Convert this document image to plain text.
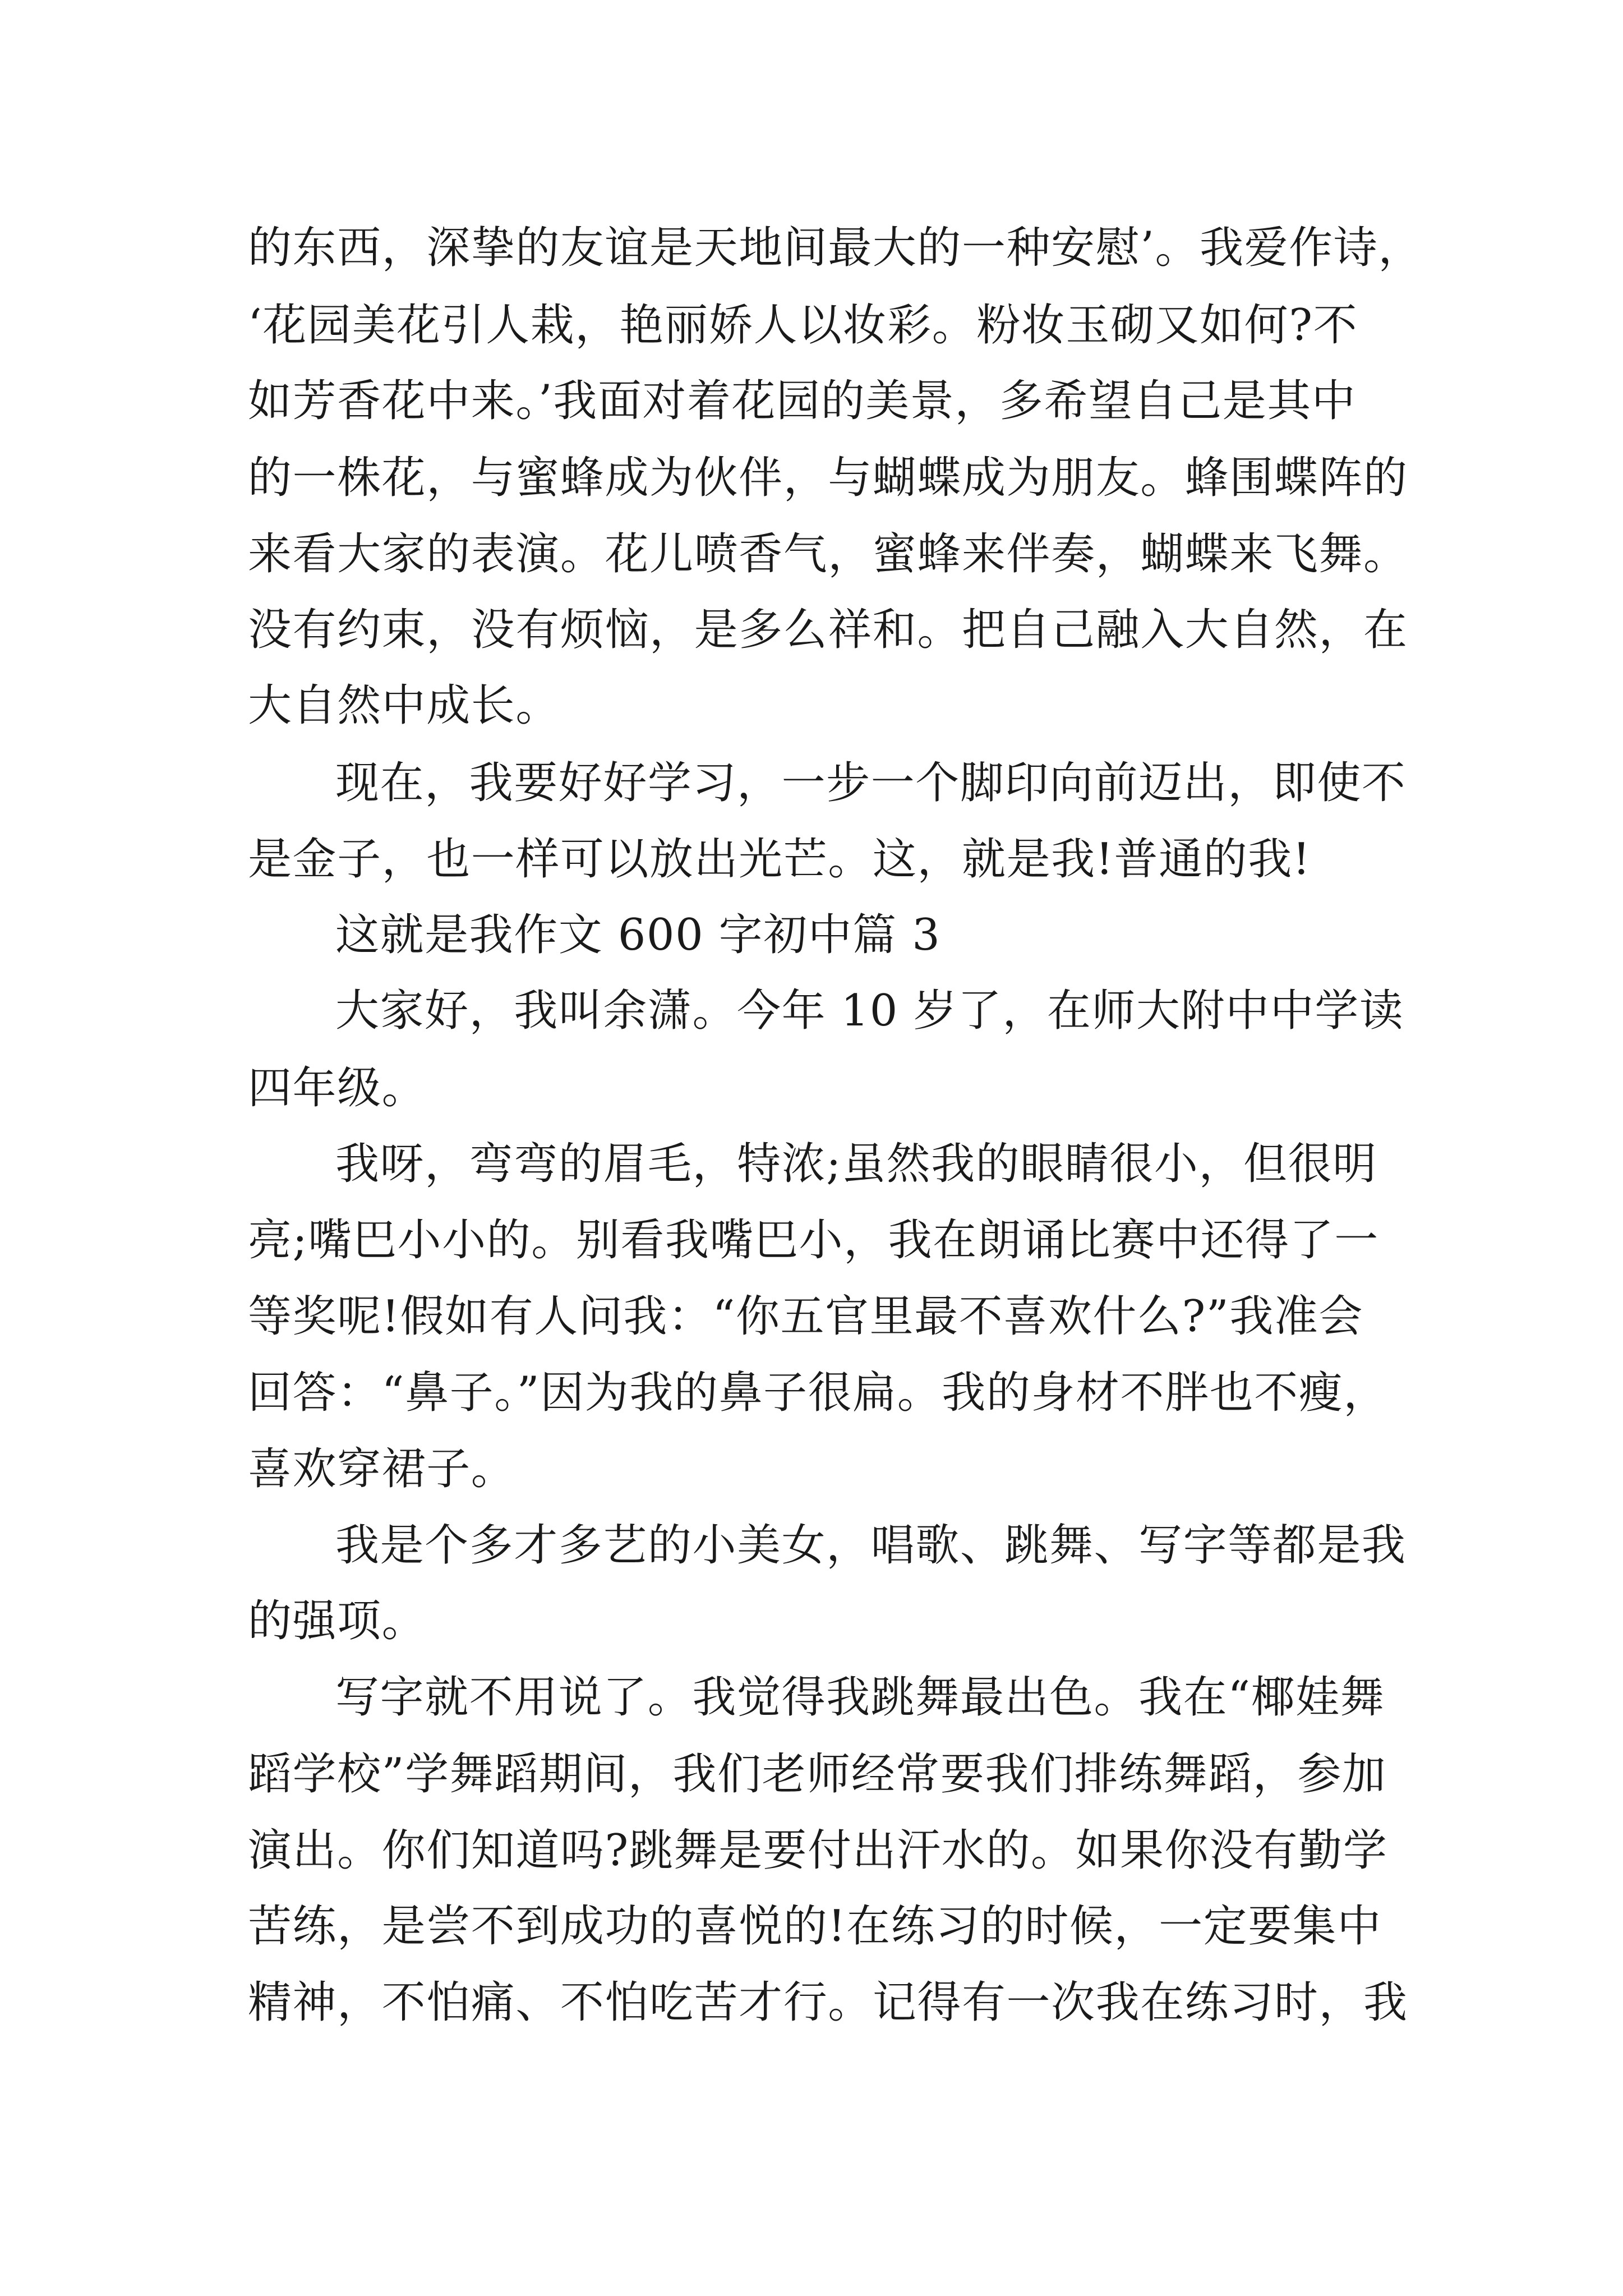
的东西，深挚的友谊是天地间最大的一种安慰’。我爱作诗，

‘花园美花引人栽，艳丽娇人以妆彩。粉妆玉砌又如何?不

如芳香花中来。’我面对着花园的美景，多希望自己是其中

的一株花，与蜜蜂成为伙伴，与蝴蝶成为朋友。蜂围蝶阵的

来看大家的表演。花儿喷香气，蜜蜂来伴奏，蝴蝶来飞舞。

没有约束，没有烦恼，是多么祥和。把自己融入大自然，在

大自然中成长。

现在，我要好好学习，一步一个脚印向前迈出，即使不

是金子，也一样可以放出光芒。这，就是我!普通的我!

这就是我作文 600 字初中篇 3

大家好，我叫余潇。今年 10 岁了，在师大附中中学读

四年级。

我呀，弯弯的眉毛，特浓;虽然我的眼睛很小，但很明

亮;嘴巴小小的。别看我嘴巴小，我在朗诵比赛中还得了一

等奖呢!假如有人问我：“你五官里最不喜欢什么?”我准会

回答：“鼻子。”因为我的鼻子很扁。我的身材不胖也不瘦，

喜欢穿裙子。

我是个多才多艺的小美女，唱歌、跳舞、写字等都是我

的强项。

写字就不用说了。我觉得我跳舞最出色。我在“椰娃舞

蹈学校”学舞蹈期间，我们老师经常要我们排练舞蹈，参加

演出。你们知道吗?跳舞是要付出汗水的。如果你没有勤学

苦练，是尝不到成功的喜悦的!在练习的时候，一定要集中

精神，不怕痛、不怕吃苦才行。记得有一次我在练习时，我
